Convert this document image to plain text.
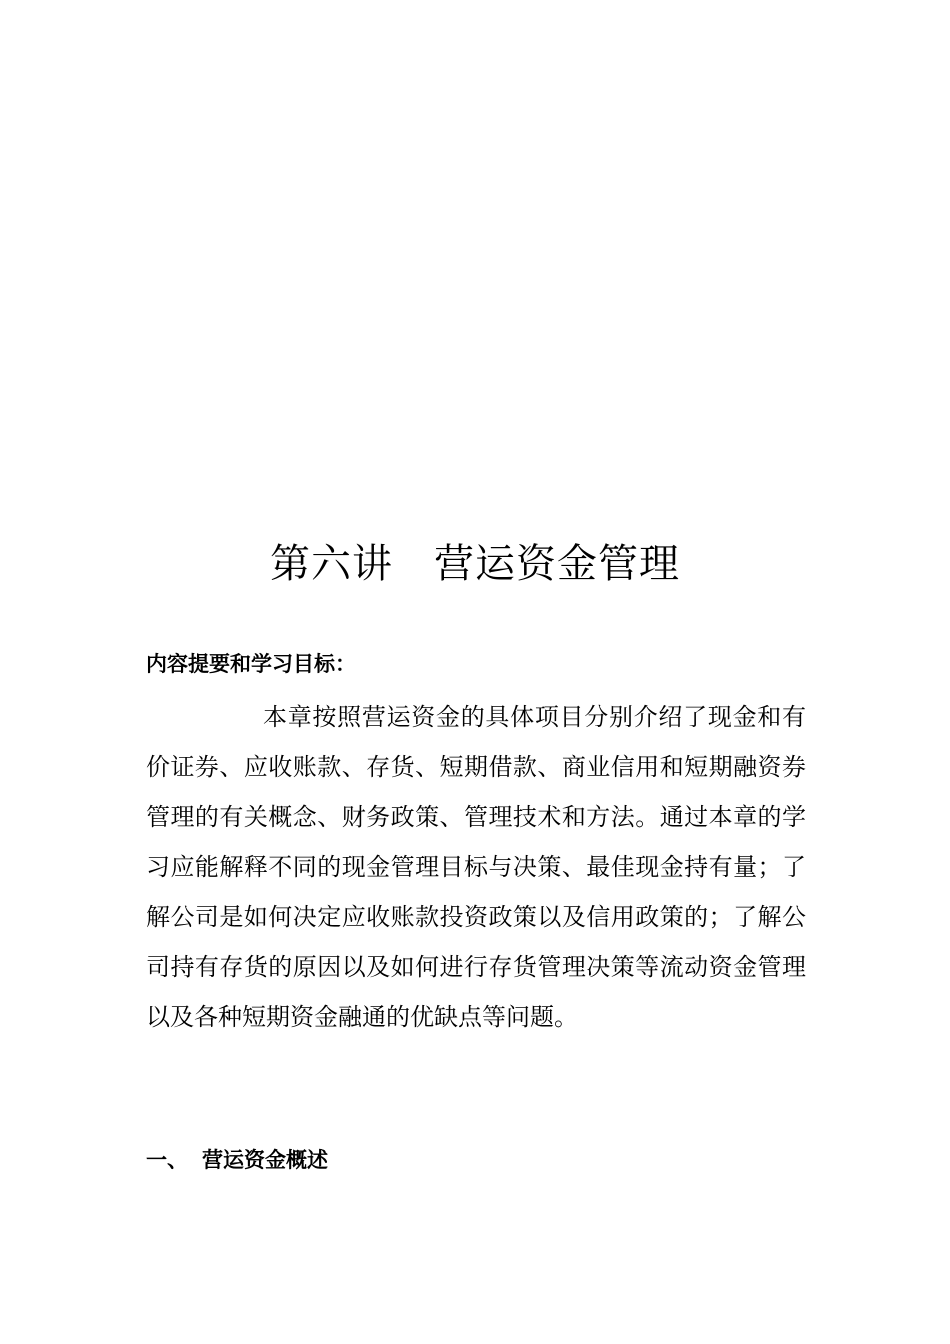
第六讲　营运资金管理
内容提要和学习目标：
本章按照营运资金的具体项目分别介绍了现金和有价证券、应收账款、存货、短期借款、商业信用和短期融资券管理的有关概念、财务政策、管理技术和方法。通过本章的学习应能解释不同的现金管理目标与决策、最佳现金持有量；了解公司是如何决定应收账款投资政策以及信用政策的；了解公司持有存货的原因以及如何进行存货管理决策等流动资金管理以及各种短期资金融通的优缺点等问题。
一、 营运资金概述
